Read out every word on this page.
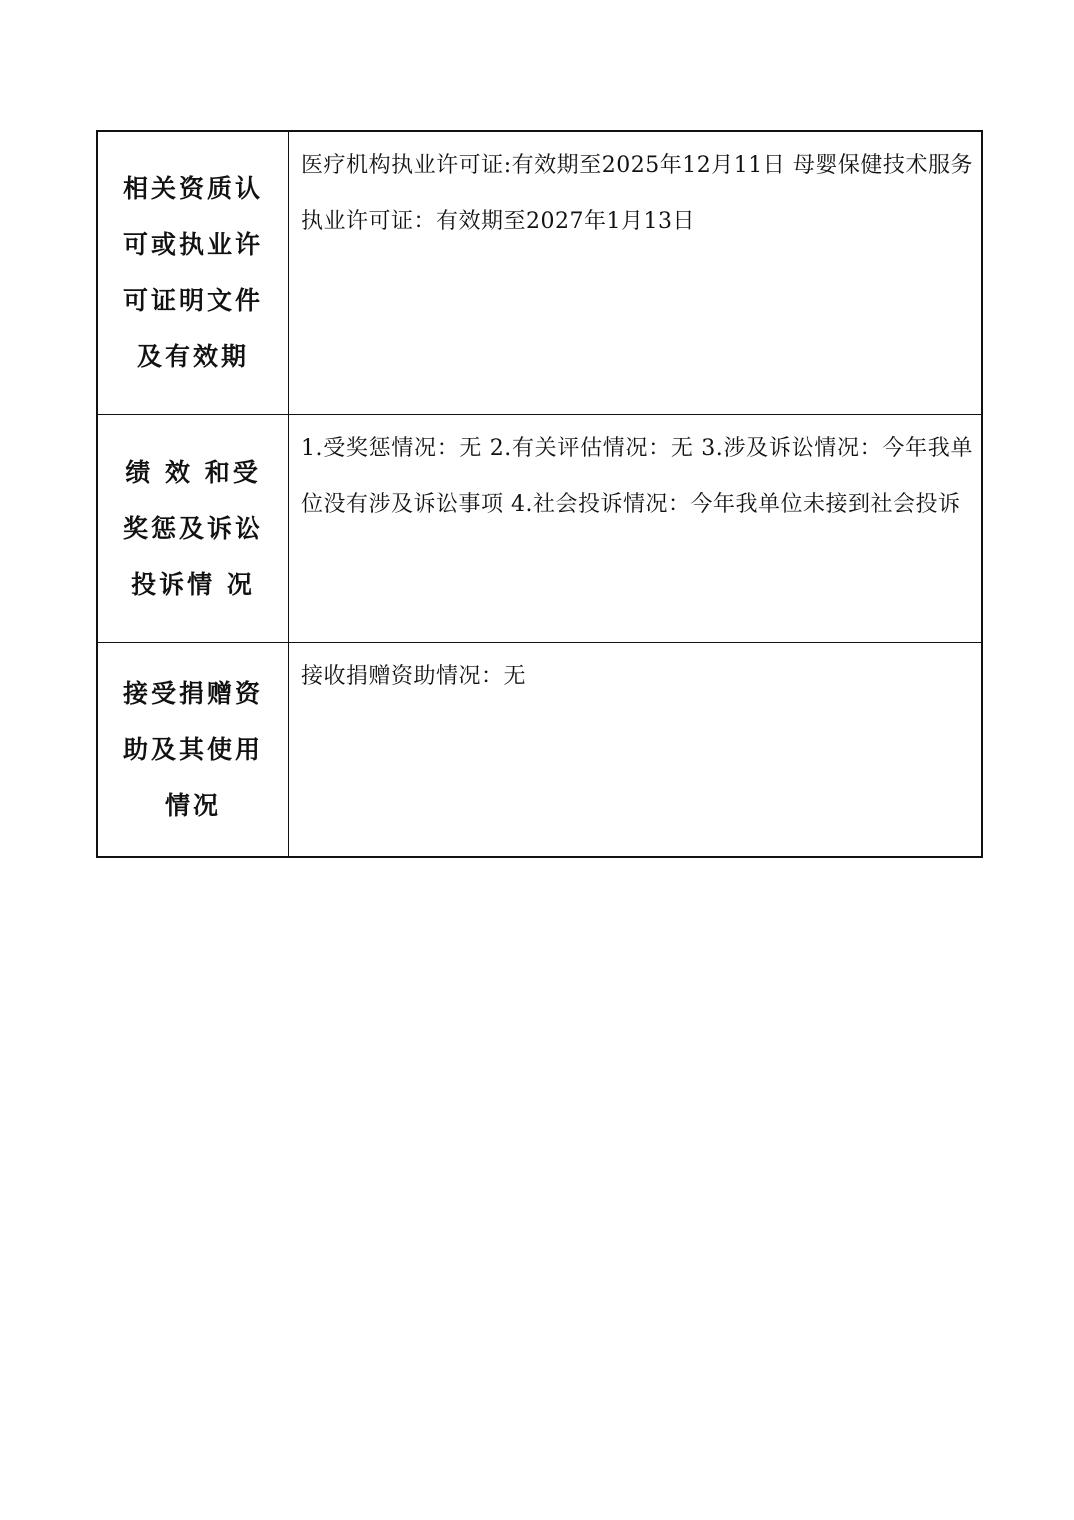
相关资质认可或执业许可证明文件及有效期	医疗机构执业许可证:有效期至2025年12月11日 母婴保健技术服务执业许可证：有效期至2027年1月13日

绩 效 和受奖惩及诉讼投诉情 况	1.受奖惩情况：无 2.有关评估情况：无 3.涉及诉讼情况：今年我单位没有涉及诉讼事项 4.社会投诉情况：今年我单位未接到社会投诉

接受捐赠资助及其使用情况	接收捐赠资助情况：无
